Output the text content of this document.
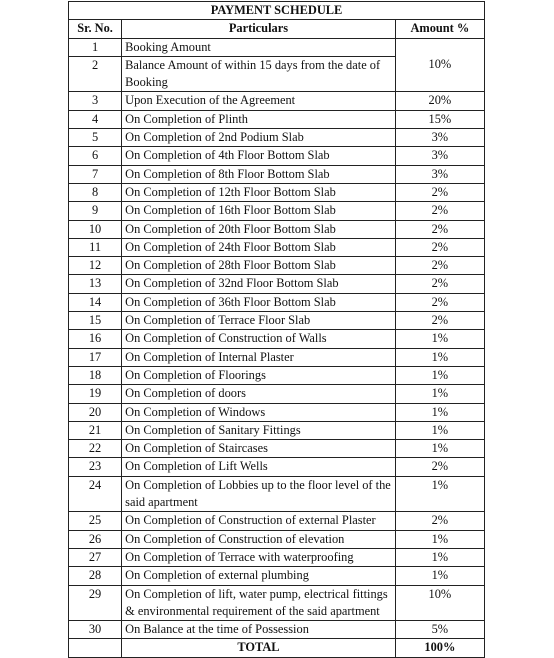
PAYMENT SCHEDULE		
Sr. No.	Particulars	Amount %
1	Booking Amount	10%
2	Balance Amount of within 15 days from the date of Booking	
3	Upon Execution of the Agreement	20%
4	On Completion of Plinth	15%
5	On Completion of 2nd Podium Slab	3%
6	On Completion of 4th Floor Bottom Slab	3%
7	On Completion of 8th Floor Bottom Slab	3%
8	On Completion of 12th Floor Bottom Slab	2%
9	On Completion of 16th Floor Bottom Slab	2%
10	On Completion of 20th Floor Bottom Slab	2%
11	On Completion of 24th Floor Bottom Slab	2%
12	On Completion of 28th Floor Bottom Slab	2%
13	On Completion of 32nd Floor Bottom Slab	2%
14	On Completion of 36th Floor Bottom Slab	2%
15	On Completion of Terrace Floor Slab	2%
16	On Completion of Construction of Walls	1%
17	On Completion of Internal Plaster	1%
18	On Completion of Floorings	1%
19	On Completion of doors	1%
20	On Completion of Windows	1%
21	On Completion of Sanitary Fittings	1%
22	On Completion of Staircases	1%
23	On Completion of Lift Wells	2%
24	On Completion of Lobbies up to the floor level of the said apartment	1%
25	On Completion of Construction of external Plaster	2%
26	On Completion of Construction of elevation	1%
27	On Completion of Terrace with waterproofing	1%
28	On Completion of external plumbing	1%
29	On Completion of lift, water pump, electrical fittings & environmental requirement of the said apartment	10%
30	On Balance at the time of Possession	5%
	TOTAL	100%
